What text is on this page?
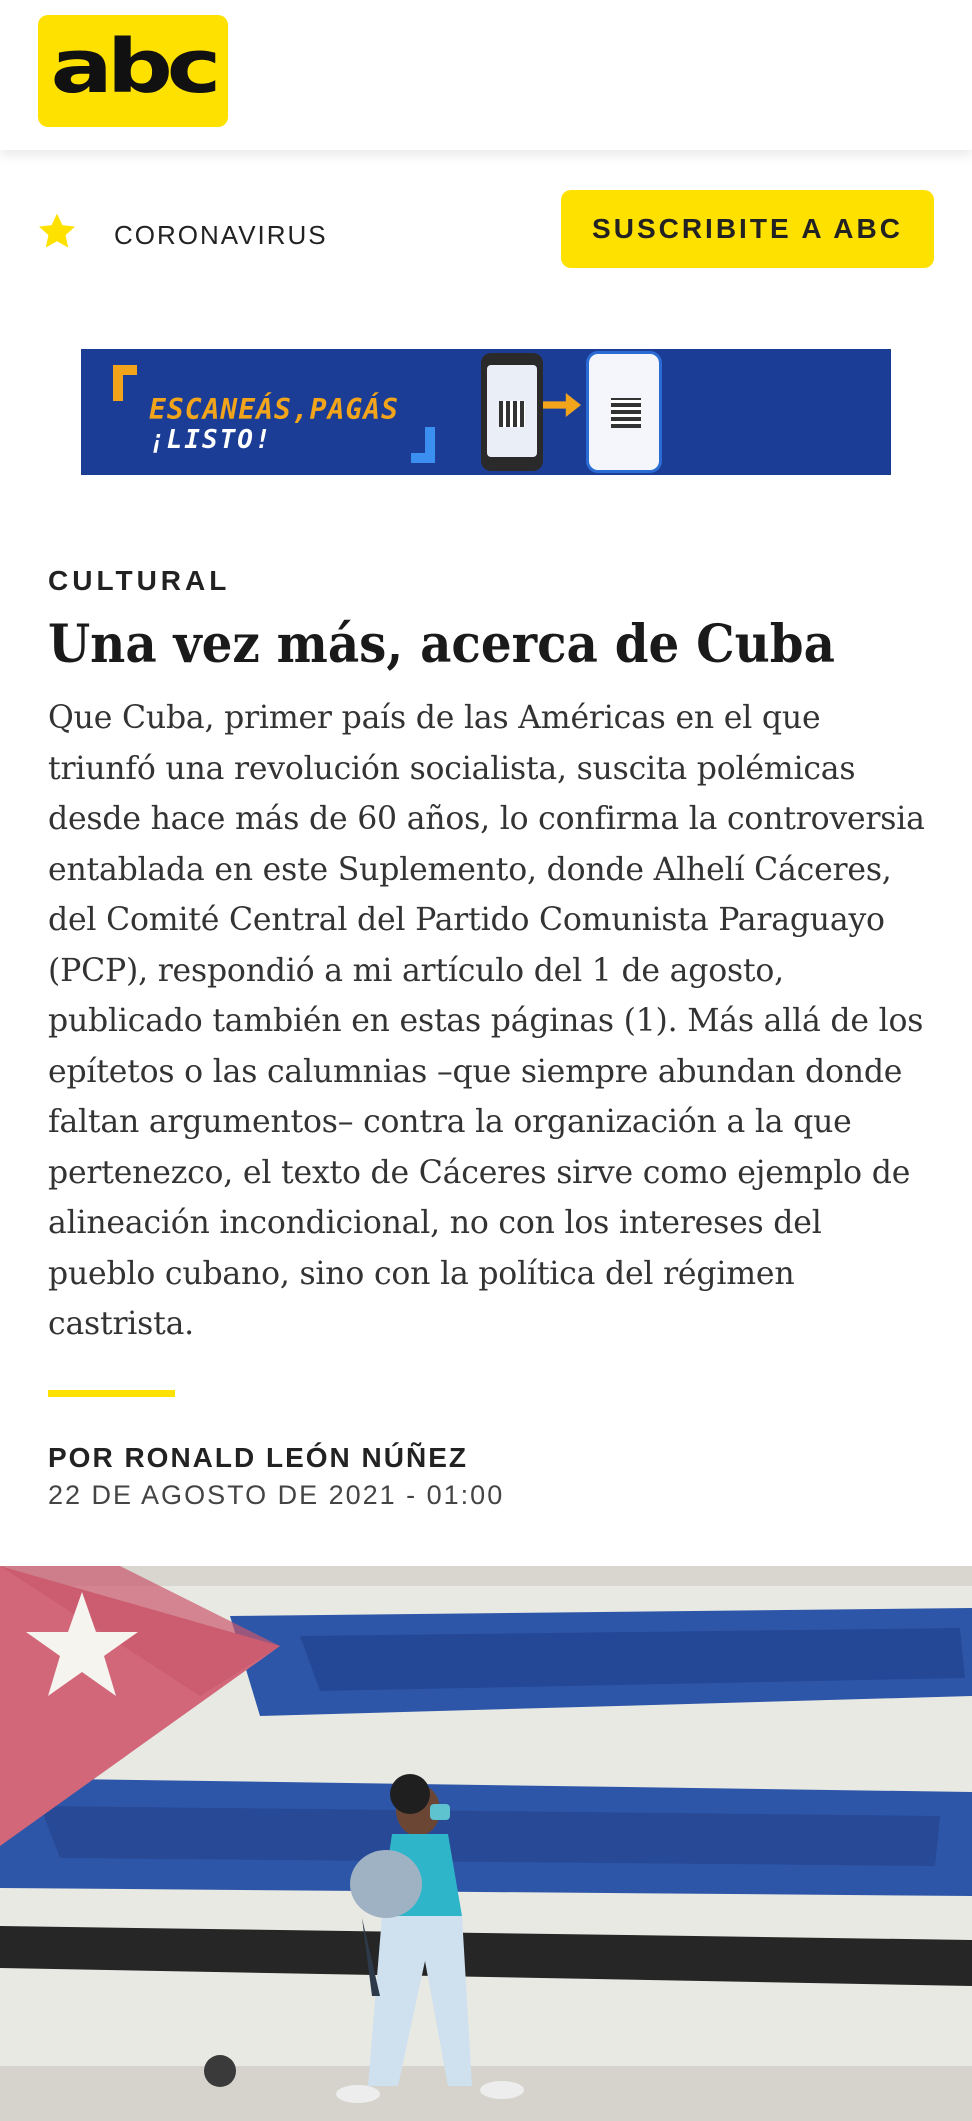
abc
CORONAVIRUS	SUSCRIBITE A ABC
ESCANEÁS,PAGÁS
¡LISTO!
CULTURAL
Una vez más, acerca de Cuba

Que Cuba, primer país de las Américas en el que triunfó una revolución socialista, suscita polémicas desde hace más de 60 años, lo confirma la controversia entablada en este Suplemento, donde Alhelí Cáceres, del Comité Central del Partido Comunista Paraguayo (PCP), respondió a mi artículo del 1 de agosto, publicado también en estas páginas (1). Más allá de los epítetos o las calumnias –que siempre abundan donde faltan argumentos– contra la organización a la que pertenezco, el texto de Cáceres sirve como ejemplo de alineación incondicional, no con los intereses del pueblo cubano, sino con la política del régimen castrista.

POR RONALD LEÓN NÚÑEZ
22 DE AGOSTO DE 2021 - 01:00
